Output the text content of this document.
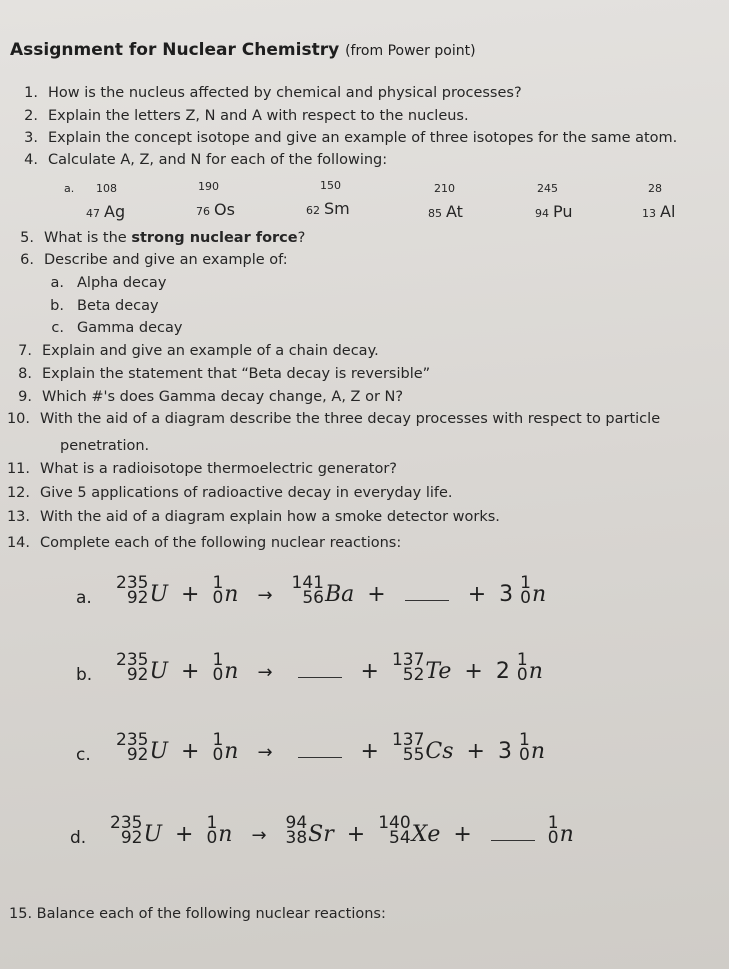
Assignment for Nuclear Chemistry (from Power point)
1. How is the nucleus affected by chemical and physical processes?
2. Explain the letters Z, N and A with respect to the nucleus.
3. Explain the concept isotope and give an example of three isotopes for the same atom.
4. Calculate A, Z, and N for each of the following:
a. 108
47 Ag
190
76 Os
150
62 Sm
210
85 At
245
94 Pu
28
13 Al
5. What is the strong nuclear force?
6. Describe and give an example of:
a. Alpha decay
b. Beta decay
c. Gamma decay
7. Explain and give an example of a chain decay.
8. Explain the statement that “Beta decay is reversible”
9. Which #'s does Gamma decay change, A, Z or N?
10. With the aid of a diagram describe the three decay processes with respect to particle
penetration.
11. What is a radioisotope thermoelectric generator?
12. Give 5 applications of radioactive decay in everyday life.
13. With the aid of a diagram explain how a smoke detector works.
14. Complete each of the following nuclear reactions:
a.
235
92 U + 1
0 n →
141
56 Ba +	+ 3 1
0 n
b.
235
92 U + 1
0 n →	+ 137
52 Te + 2 1
0 n
c.
235
92 U + 1
0 n →	+ 137
55 Cs + 3 1
0 n
d.
235
92 U + 1
0 n →
94
38 Sr + 140
54 Xe +	1
0 n
15. Balance each of the following nuclear reactions:
